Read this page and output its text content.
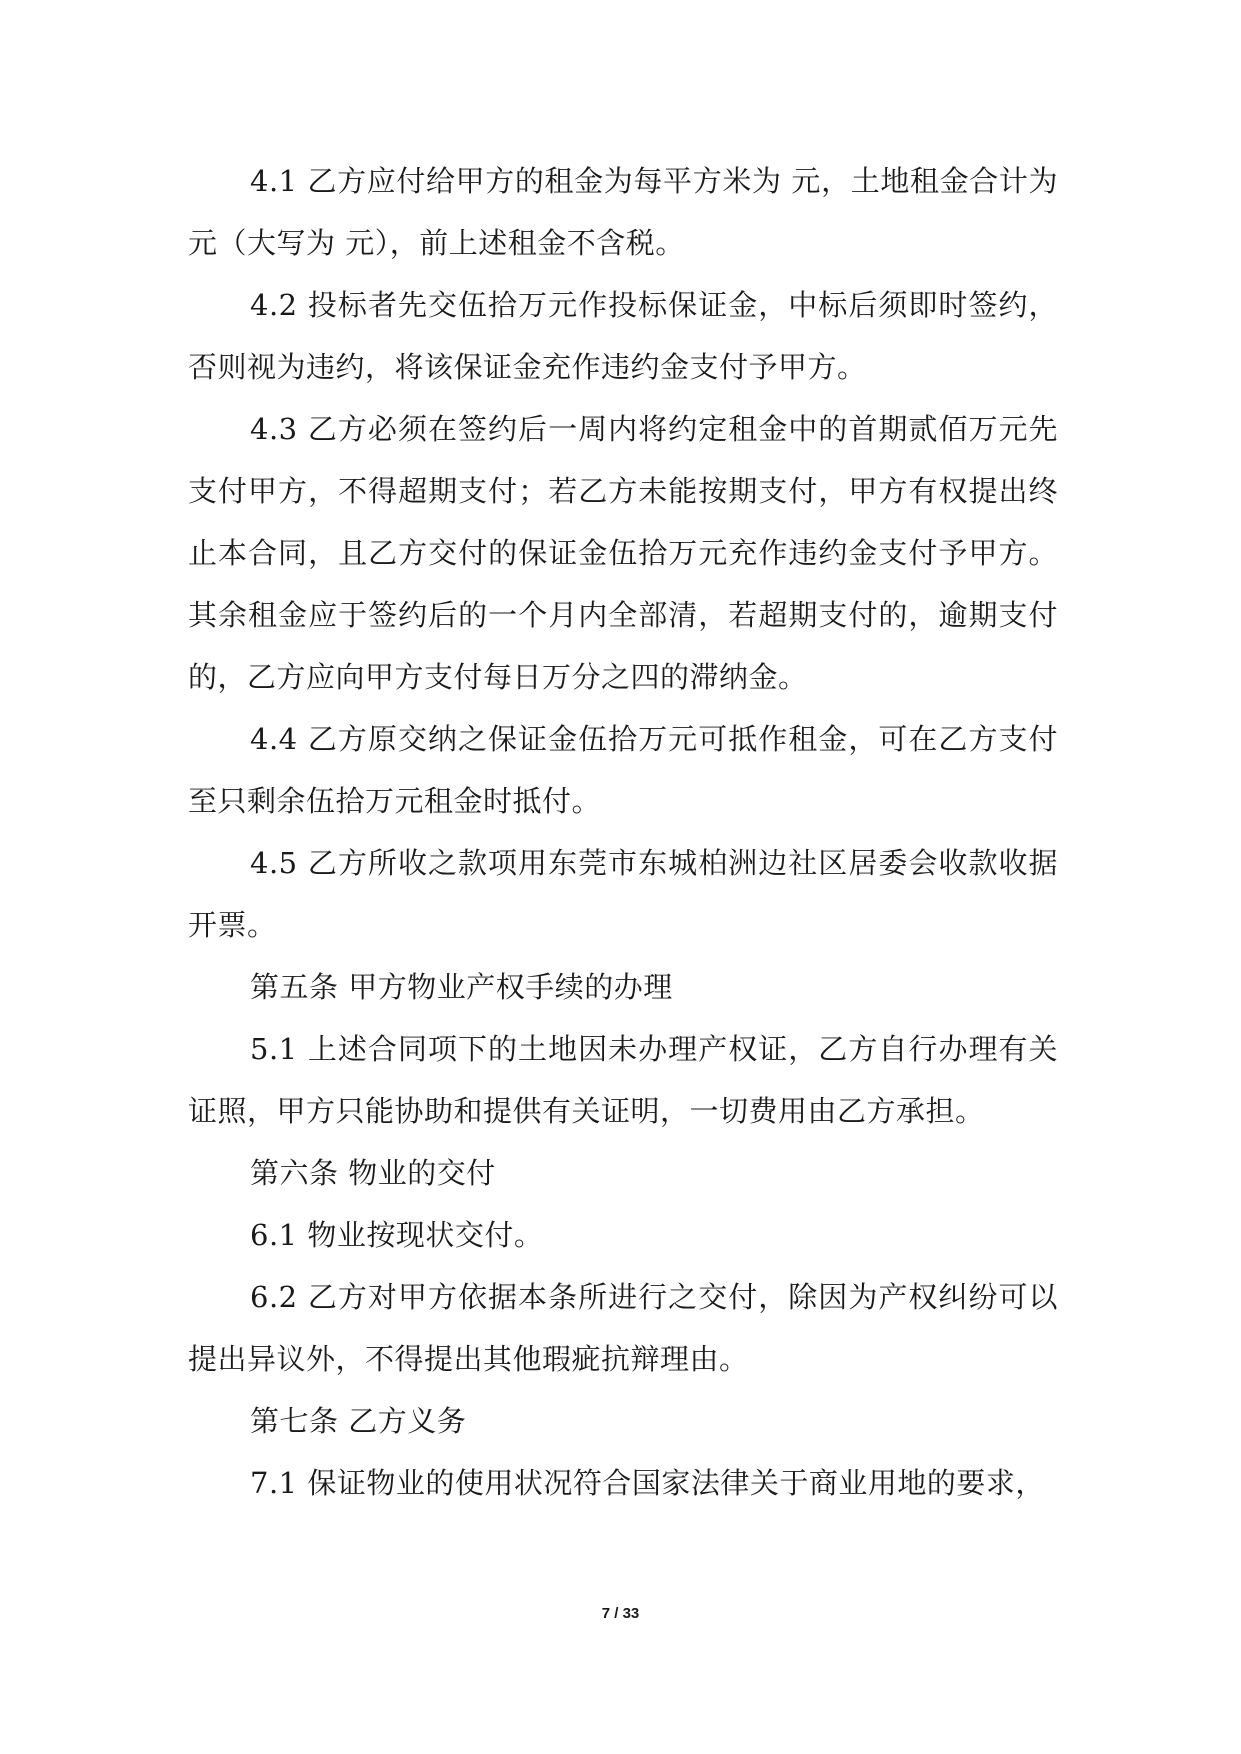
4.1 乙方应付给甲方的租金为每平方米为 元，土地租金合计为 元（大写为 元），前上述租金不含税。

4.2 投标者先交伍拾万元作投标保证金，中标后须即时签约，否则视为违约，将该保证金充作违约金支付予甲方。

4.3 乙方必须在签约后一周内将约定租金中的首期贰佰万元先支付甲方，不得超期支付；若乙方未能按期支付，甲方有权提出终止本合同，且乙方交付的保证金伍拾万元充作违约金支付予甲方。其余租金应于签约后的一个月内全部清，若超期支付的，逾期支付的，乙方应向甲方支付每日万分之四的滞纳金。

4.4 乙方原交纳之保证金伍拾万元可抵作租金，可在乙方支付至只剩余伍拾万元租金时抵付。

4.5 乙方所收之款项用东莞市东城柏洲边社区居委会收款收据开票。

第五条 甲方物业产权手续的办理

5.1 上述合同项下的土地因未办理产权证，乙方自行办理有关证照，甲方只能协助和提供有关证明，一切费用由乙方承担。

第六条 物业的交付

6.1 物业按现状交付。

6.2 乙方对甲方依据本条所进行之交付，除因为产权纠纷可以提出异议外，不得提出其他瑕疵抗辩理由。

第七条 乙方义务

7.1 保证物业的使用状况符合国家法律关于商业用地的要求，

7 / 33
